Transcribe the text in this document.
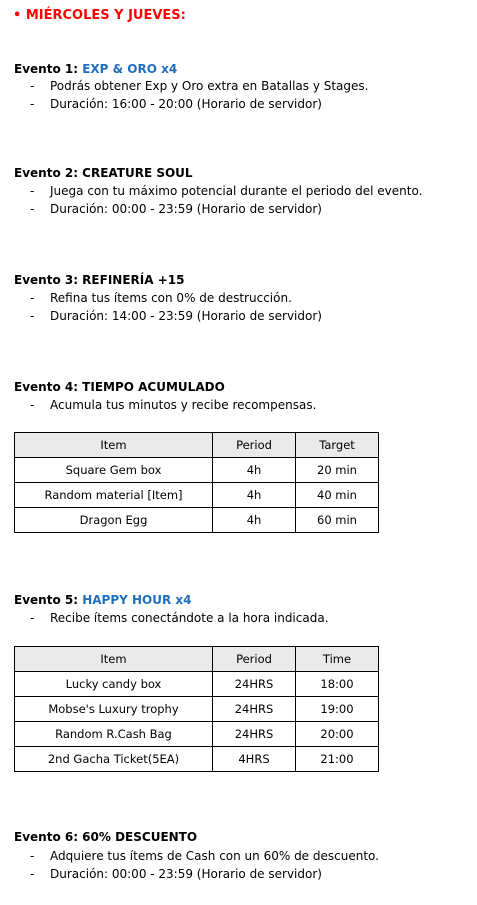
• MIÉRCOLES Y JUEVES:
Evento 1: EXP & ORO x4
- Podrás obtener Exp y Oro extra en Batallas y Stages.
- Duración: 16:00 - 20:00 (Horario de servidor)
Evento 2: CREATURE SOUL
- Juega con tu máximo potencial durante el periodo del evento.
- Duración: 00:00 - 23:59 (Horario de servidor)
Evento 3: REFINERÍA +15
- Refina tus ítems con 0% de destrucción.
- Duración: 14:00 - 23:59 (Horario de servidor)
Evento 4: TIEMPO ACUMULADO
- Acumula tus minutos y recibe recompensas.
Item	Period	Target
Square Gem box	4h	20 min
Random material [Item]	4h	40 min
Dragon Egg	4h	60 min
Evento 5: HAPPY HOUR x4
- Recibe ítems conectándote a la hora indicada.
Item	Period	Time
Lucky candy box	24HRS	18:00
Mobse's Luxury trophy	24HRS	19:00
Random R.Cash Bag	24HRS	20:00
2nd Gacha Ticket(5EA)	4HRS	21:00
Evento 6: 60% DESCUENTO
- Adquiere tus ítems de Cash con un 60% de descuento.
- Duración: 00:00 - 23:59 (Horario de servidor)
